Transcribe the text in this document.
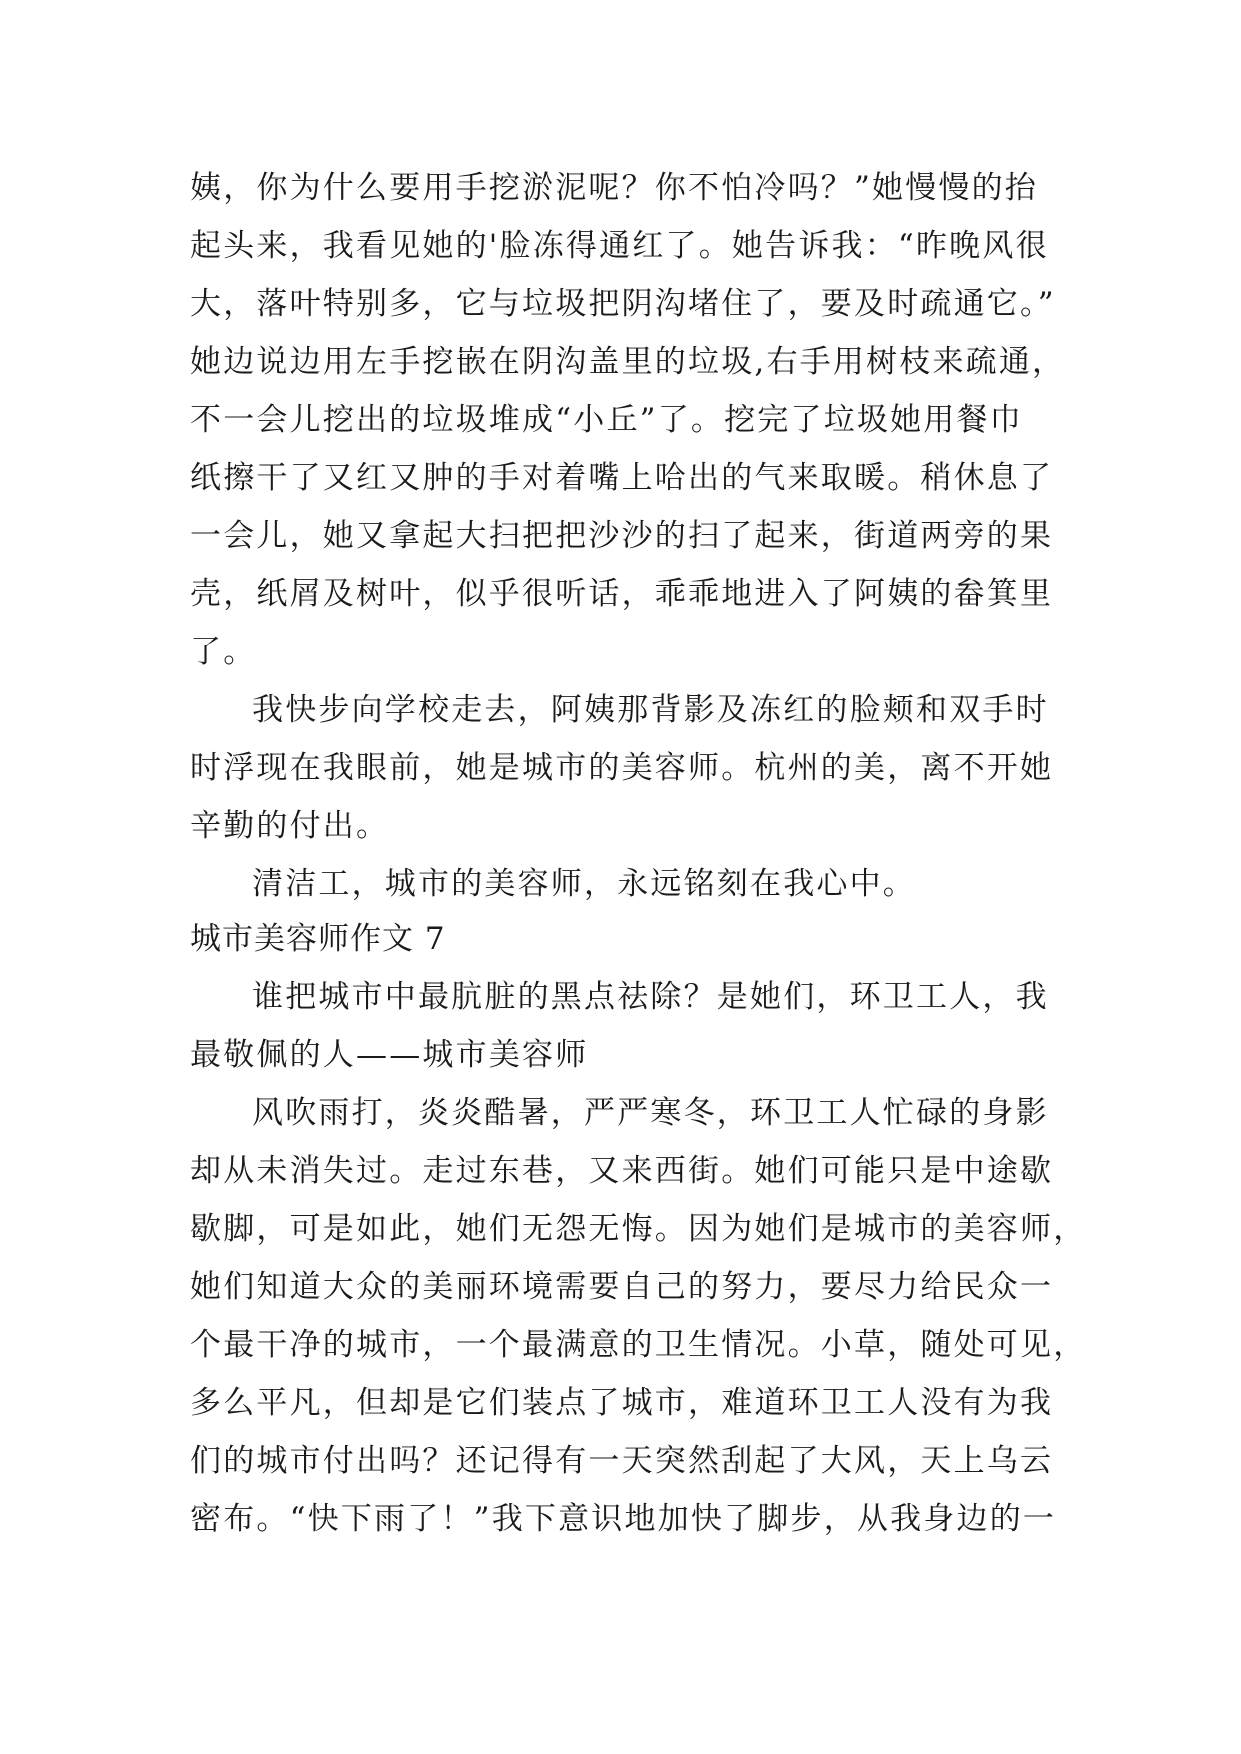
姨，你为什么要用手挖淤泥呢？你不怕冷吗？”她慢慢的抬
起头来，我看见她的'脸冻得通红了。她告诉我：“昨晚风很
大，落叶特别多，它与垃圾把阴沟堵住了，要及时疏通它。”
她边说边用左手挖嵌在阴沟盖里的垃圾,右手用树枝来疏通，
不一会儿挖出的垃圾堆成“小丘”了。挖完了垃圾她用餐巾
纸擦干了又红又肿的手对着嘴上哈出的气来取暖。稍休息了
一会儿，她又拿起大扫把把沙沙的扫了起来，街道两旁的果
壳，纸屑及树叶，似乎很听话，乖乖地进入了阿姨的畚箕里
了。
我快步向学校走去，阿姨那背影及冻红的脸颊和双手时
时浮现在我眼前，她是城市的美容师。杭州的美，离不开她
辛勤的付出。
清洁工，城市的美容师，永远铭刻在我心中。
城市美容师作文 7
谁把城市中最肮脏的黑点祛除？是她们，环卫工人，我
最敬佩的人——城市美容师
风吹雨打，炎炎酷暑，严严寒冬，环卫工人忙碌的身影
却从未消失过。走过东巷，又来西街。她们可能只是中途歇
歇脚，可是如此，她们无怨无悔。因为她们是城市的美容师，
她们知道大众的美丽环境需要自己的努力，要尽力给民众一
个最干净的城市，一个最满意的卫生情况。小草，随处可见，
多么平凡，但却是它们装点了城市，难道环卫工人没有为我
们的城市付出吗？还记得有一天突然刮起了大风，天上乌云
密布。“快下雨了！”我下意识地加快了脚步，从我身边的一
